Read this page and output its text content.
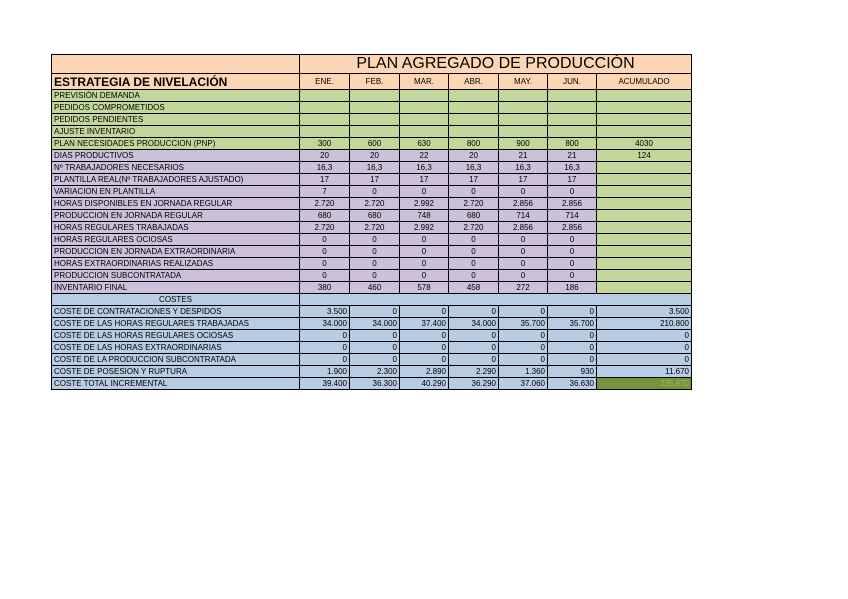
	PLAN AGREGADO DE PRODUCCIÓN						
ESTRATEGIA DE NIVELACIÓN	ENE.	FEB.	MAR.	ABR.	MAY.	JUN.	ACUMULADO
PREVISIÓN DEMANDA							
PEDIDOS COMPROMETIDOS							
PEDIDOS PENDIENTES							
AJUSTE INVENTARIO							
PLAN NECESIDADES PRODUCCION (PNP)	300	600	630	800	900	800	4030
DIAS PRODUCTIVOS	20	20	22	20	21	21	124
Nº TRABAJADORES NECESARIOS	16,3	16,3	16,3	16,3	16,3	16,3	
PLANTILLA REAL(Nº TRABAJADORES AJUSTADO)	17	17	17	17	17	17	
VARIACION EN PLANTILLA	7	0	0	0	0	0	
HORAS DISPONIBLES EN JORNADA REGULAR	2.720	2.720	2.992	2.720	2.856	2.856	
PRODUCCION EN JORNADA REGULAR	680	680	748	680	714	714	
HORAS REGULARES TRABAJADAS	2.720	2.720	2.992	2.720	2.856	2.856	
HORAS REGULARES OCIOSAS	0	0	0	0	0	0	
PRODUCCION EN JORNADA EXTRAORDINARIA	0	0	0	0	0	0	
HORAS EXTRAORDINARIAS REALIZADAS	0	0	0	0	0	0	
PRODUCCION SUBCONTRATADA	0	0	0	0	0	0	
INVENTARIO FINAL	380	460	578	458	272	186	
COSTES							
COSTE DE CONTRATACIONES Y DESPIDOS	3.500	0	0	0	0	0	3.500
COSTE DE LAS HORAS REGULARES TRABAJADAS	34.000	34.000	37.400	34.000	35.700	35.700	210.800
COSTE DE LAS HORAS REGULARES OCIOSAS	0	0	0	0	0	0	0
COSTE DE LAS HORAS EXTRAORDINARIAS	0	0	0	0	0	0	0
COSTE DE LA PRODUCCION SUBCONTRATADA	0	0	0	0	0	0	0
COSTE DE POSESION Y RUPTURA	1.900	2.300	2.890	2.290	1.360	930	11.670
COSTE TOTAL INCREMENTAL	39.400	36.300	40.290	36.290	37.060	36.630	225.970
